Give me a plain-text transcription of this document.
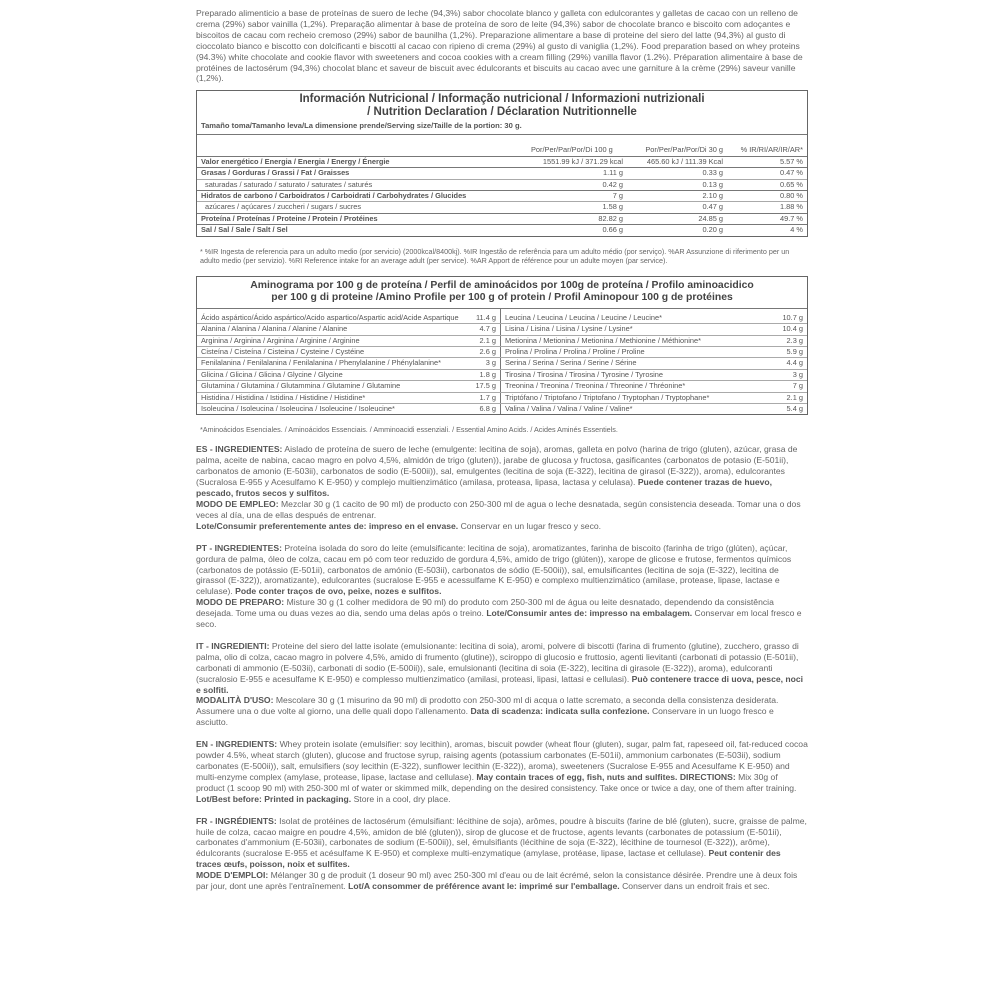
Preparado alimenticio a base de proteínas de suero de leche (94,3%) sabor chocolate blanco y galleta con edulcorantes y galletas de cacao con un relleno de crema (29%) sabor vainilla (1,2%). Preparação alimentar à base de proteína de soro de leite (94,3%) sabor de chocolate branco e biscoito com adoçantes e biscoitos de cacau com recheio cremoso (29%) sabor de baunilha (1,2%). Preparazione alimentare a base di proteine del siero del latte (94,3%) al gusto di cioccolato bianco e biscotto con dolcificanti e biscotti al cacao con ripieno di crema (29%) al gusto di vaniglia (1,2%). Food preparation based on whey proteins (94.3%) white chocolate and cookie flavor with sweeteners and cocoa cookies with a cream filling (29%) vanilla flavor (1.2%). Préparation alimentaire à base de protéines de lactosérum (94,3%) chocolat blanc et saveur de biscuit avec édulcorants et biscuits au cacao avec une garniture à la crème (29%) saveur vanille (1,2%).

Información Nutricional / Informação nutricional / Informazioni nutrizionali
/ Nutrition Declaration / Déclaration Nutritionnelle
Tamaño toma/Tamanho leva/La dimensione prende/Serving size/Taille de la portion: 30 g.
	Por/Per/Par/Por/Di 100 g	Por/Per/Par/Por/Di 30 g	% IR/RI/AR/IR/AR*
Valor energético / Energia / Energia / Energy / Énergie	1551.99 kJ / 371.29 kcal	465.60 kJ / 111.39 Kcal	5.57 %
Grasas / Gorduras / Grassi / Fat / Graisses	1.11 g	0.33 g	0.47 %
saturadas / saturado / saturato / saturates / saturés	0.42 g	0.13 g	0.65 %
Hidratos de carbono / Carboidratos / Carboidrati / Carbohydrates / Glucides	7 g	2.10 g	0.80 %
azúcares / açúcares / zuccheri / sugars / sucres	1.58 g	0.47 g	1.88 %
Proteína / Proteínas / Proteine / Protein / Protéines	82.82 g	24.85 g	49.7 %
Sal / Sal / Sale / Salt / Sel	0.66 g	0.20 g	4 %
* %IR Ingesta de referencia para un adulto medio (por servicio) (2000kcal/8400kj). %IR Ingestão de referência para um adulto médio (por serviço). %AR Assunzione di riferimento per un adulto medio (per servizio). %RI Reference intake for an average adult (per service). %AR Apport de référence pour un adulte moyen (par service).
Aminograma por 100 g de proteína / Perfil de aminoácidos por 100g de proteína / Profilo aminoacidico
per 100 g di proteine /Amino Profile per 100 g of protein / Profil Aminopour 100 g de protéines
Ácido aspártico/Ácido aspártico/Acido aspartico/Aspartic acid/Acide Aspartique	11.4 g	Leucina / Leucina / Leucina / Leucine / Leucine*	10.7 g
Alanina / Alanina / Alanina / Alanine / Alanine	4.7 g	Lisina / Lisina / Lisina / Lysine / Lysine*	10.4 g
Arginina / Arginina / Arginina / Arginine / Arginine	2.1 g	Metionina / Metionina / Metionina / Methionine / Méthionine*	2.3 g
Cisteína / Cisteína / Cisteina / Cysteine / Cystéine	2.6 g	Prolina / Prolina / Prolina / Proline / Proline	5.9 g
Fenilalanina / Fenilalanina / Fenilalanina / Phenylalanine / Phénylalanine*	3 g	Serina / Serina / Serina / Serine / Sérine	4.4 g
Glicina / Glicina / Glicina / Glycine / Glycine	1.8 g	Tirosina / Tirosina / Tirosina / Tyrosine / Tyrosine	3 g
Glutamina / Glutamina / Glutammina / Glutamine / Glutamine	17.5 g	Treonina / Treonina / Treonina / Threonine / Thréonine*	7 g
Histidina / Histidina / Istidina / Histidine / Histidine*	1.7 g	Triptófano / Triptofano / Triptofano / Tryptophan / Tryptophane*	2.1 g
Isoleucina / Isoleucina / Isoleucina / Isoleucine / Isoleucine*	6.8 g	Valina / Valina / Valina / Valine / Valine*	5.4 g
*Aminoácidos Esenciales. / Aminoácidos Essenciais. / Amminoacidi essenziali. / Essential Amino Acids. / Acides Aminés Essentiels.
ES - INGREDIENTES: Aislado de proteína de suero de leche (emulgente: lecitina de soja), aromas, galleta en polvo (harina de trigo (gluten), azúcar, grasa de palma, aceite de nabina, cacao magro en polvo 4,5%, almidón de trigo (gluten)), jarabe de glucosa y fructosa, gasificantes (carbonatos de potasio (E-501ii), carbonatos de amonio (E-503ii), carbonatos de sodio (E-500ii)), sal, emulgentes (lecitina de soja (E-322), lecitina de girasol (E-322)), aroma), edulcorantes (Sucralosa E-955 y Acesulfamo K E-950) y complejo multienzimático (amilasa, proteasa, lipasa, lactasa y celulasa). Puede contener trazas de huevo, pescado, frutos secos y sulfitos.
MODO DE EMPLEO: Mezclar 30 g (1 cacito de 90 ml) de producto con 250-300 ml de agua o leche desnatada, según consistencia deseada. Tomar una o dos veces al día, una de ellas después de entrenar.
Lote/Consumir preferentemente antes de: impreso en el envase. Conservar en un lugar fresco y seco.
PT - INGREDIENTES: Proteína isolada do soro do leite (emulsificante: lecitina de soja), aromatizantes, farinha de biscoito (farinha de trigo (glúten), açúcar, gordura de palma, óleo de colza, cacau em pó com teor reduzido de gordura 4,5%, amido de trigo (glúten)), xarope de glicose e frutose, fermentos químicos (carbonatos de potássio (E-501ii), carbonatos de amónio (E-503ii), carbonatos de sódio (E-500ii)), sal, emulsificantes (lecitina de soja (E-322), lecitina de girassol (E-322)), aromatizante), edulcorantes (sucralose E-955 e acessulfame K E-950) e complexo multienzimático (amilase, protease, lipase, lactase e celulase). Pode conter traços de ovo, peixe, nozes e sulfitos.
MODO DE PREPARO: Misture 30 g (1 colher medidora de 90 ml) do produto com 250-300 ml de água ou leite desnatado, dependendo da consistência desejada. Tome uma ou duas vezes ao dia, sendo uma delas após o treino. Lote/Consumir antes de: impresso na embalagem. Conservar em local fresco e seco.
IT - INGREDIENTI: Proteine del siero del latte isolate (emulsionante: lecitina di soia), aromi, polvere di biscotti (farina di frumento (glutine), zucchero, grasso di palma, olio di colza, cacao magro in polvere 4,5%, amido di frumento (glutine)), sciroppo di glucosio e fruttosio, agenti lievitanti (carbonati di potassio (E-501ii), carbonati di ammonio (E-503ii), carbonati di sodio (E-500ii)), sale, emulsionanti (lecitina di soia (E-322), lecitina di girasole (E-322)), aroma), edulcoranti (sucralosio E-955 e acesulfame K E-950) e complesso multienzimatico (amilasi, proteasi, lipasi, lattasi e cellulasi). Può contenere tracce di uova, pesce, noci e solfiti.
MODALITÀ D'USO: Mescolare 30 g (1 misurino da 90 ml) di prodotto con 250-300 ml di acqua o latte scremato, a seconda della consistenza desiderata. Assumere una o due volte al giorno, una delle quali dopo l'allenamento. Data di scadenza: indicata sulla confezione. Conservare in un luogo fresco e asciutto.
EN - INGREDIENTS: Whey protein isolate (emulsifier: soy lecithin), aromas, biscuit powder (wheat flour (gluten), sugar, palm fat, rapeseed oil, fat-reduced cocoa powder 4.5%, wheat starch (gluten), glucose and fructose syrup, raising agents (potassium carbonates (E-501ii), ammonium carbonates (E-503ii), sodium carbonates (E-500ii)), salt, emulsifiers (soy lecithin (E-322), sunflower lecithin (E-322)), aroma), sweeteners (Sucralose E-955 and Acesulfame K E-950) and multi-enzyme complex (amylase, protease, lipase, lactase and cellulase). May contain traces of egg, fish, nuts and sulfites. DIRECTIONS: Mix 30g of product (1 scoop 90 ml) with 250-300 ml of water or skimmed milk, depending on the desired consistency. Take once or twice a day, one of them after training. Lot/Best before: Printed in packaging. Store in a cool, dry place.
FR - INGRÉDIENTS: Isolat de protéines de lactosérum (émulsifiant: lécithine de soja), arômes, poudre à biscuits (farine de blé (gluten), sucre, graisse de palme, huile de colza, cacao maigre en poudre 4,5%, amidon de blé (gluten)), sirop de glucose et de fructose, agents levants (carbonates de potassium (E-501ii), carbonates d'ammonium (E-503ii), carbonates de sodium (E-500ii)), sel, émulsifiants (lécithine de soja (E-322), lécithine de tournesol (E-322)), arôme), édulcorants (sucralose E-955 et acésulfame K E-950) et complexe multi-enzymatique (amylase, protéase, lipase, lactase et cellulase). Peut contenir des traces œufs, poisson, noix et sulfites.
MODE D'EMPLOI: Mélanger 30 g de produit (1 doseur 90 ml) avec 250-300 ml d'eau ou de lait écrémé, selon la consistance désirée. Prendre une à deux fois par jour, dont une après l'entraînement. Lot/A consommer de préférence avant le: imprimé sur l'emballage. Conserver dans un endroit frais et sec.
